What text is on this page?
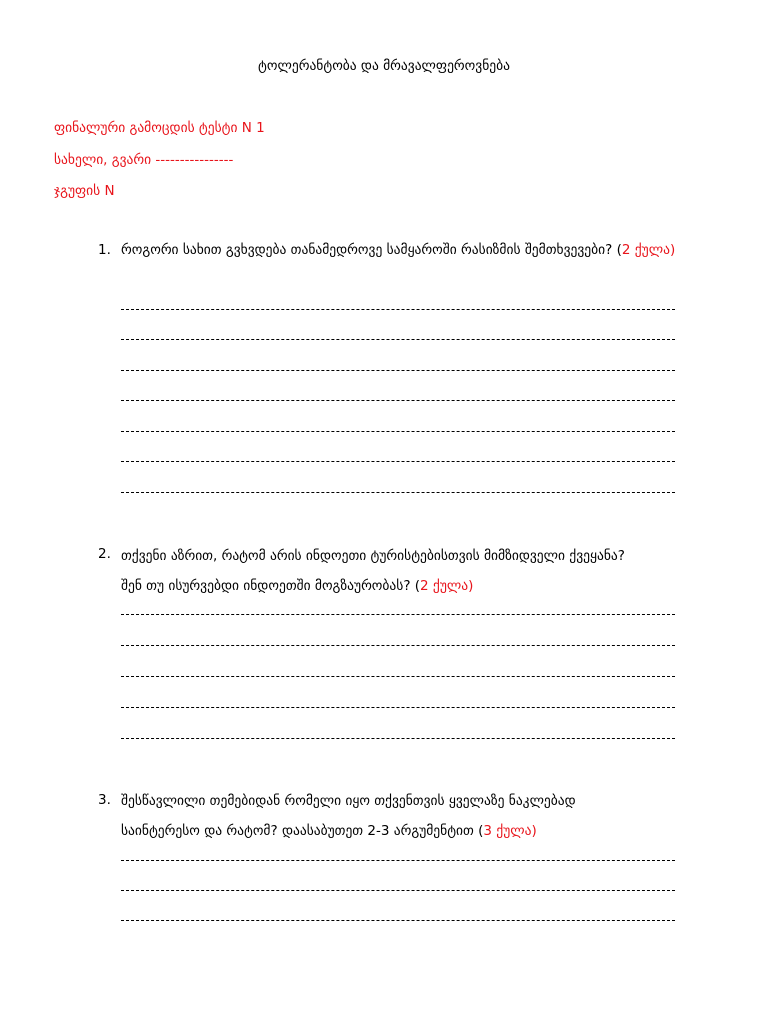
ტოლერანტობა და მრავალფეროვნება
ფინალური გამოცდის ტესტი N 1
სახელი, გვარი ----------------
ჯგუფის N
1. როგორი სახით გვხვდება თანამედროვე სამყაროში რასიზმის შემთხვევები? (2 ქულა)
2. თქვენი აზრით, რატომ არის ინდოეთი ტურისტებისთვის მიმზიდველი ქვეყანა?
შენ თუ ისურვებდი ინდოეთში მოგზაურობას? (2 ქულა)
3. შესწავლილი თემებიდან რომელი იყო თქვენთვის ყველაზე ნაკლებად
საინტერესო და რატომ? დაასაბუთეთ 2-3 არგუმენტით (3 ქულა)
